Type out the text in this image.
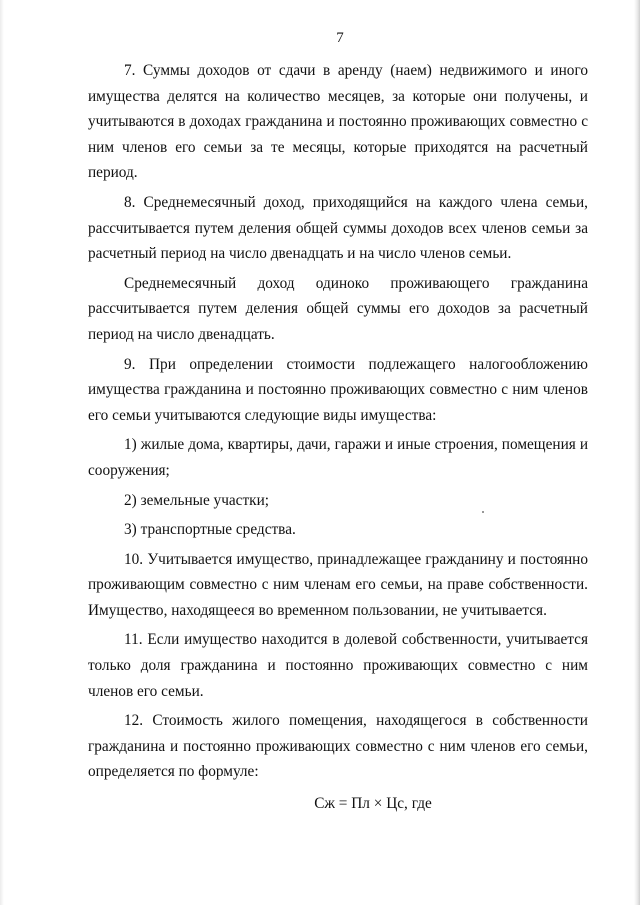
7

7. Суммы доходов от сдачи в аренду (наем) недвижимого и иного имущества делятся на количество месяцев, за которые они получены, и учитываются в доходах гражданина и постоянно проживающих совместно с ним членов его семьи за те месяцы, которые приходятся на расчетный период.

8. Среднемесячный доход, приходящийся на каждого члена семьи, рассчитывается путем деления общей суммы доходов всех членов семьи за расчетный период на число двенадцать и на число членов семьи.

Среднемесячный доход одиноко проживающего гражданина рассчитывается путем деления общей суммы его доходов за расчетный период на число двенадцать.

9. При определении стоимости подлежащего налогообложению имущества гражданина и постоянно проживающих совместно с ним членов его семьи учитываются следующие виды имущества:

1) жилые дома, квартиры, дачи, гаражи и иные строения, помещения и сооружения;

2) земельные участки;

3) транспортные средства.

10. Учитывается имущество, принадлежащее гражданину и постоянно проживающим совместно с ним членам его семьи, на праве собственности. Имущество, находящееся во временном пользовании, не учитывается.

11. Если имущество находится в долевой собственности, учитывается только доля гражданина и постоянно проживающих совместно с ним членов его семьи.

12. Стоимость жилого помещения, находящегося в собственности гражданина и постоянно проживающих совместно с ним членов его семьи, определяется по формуле:

Сж = Пл × Цс, где
